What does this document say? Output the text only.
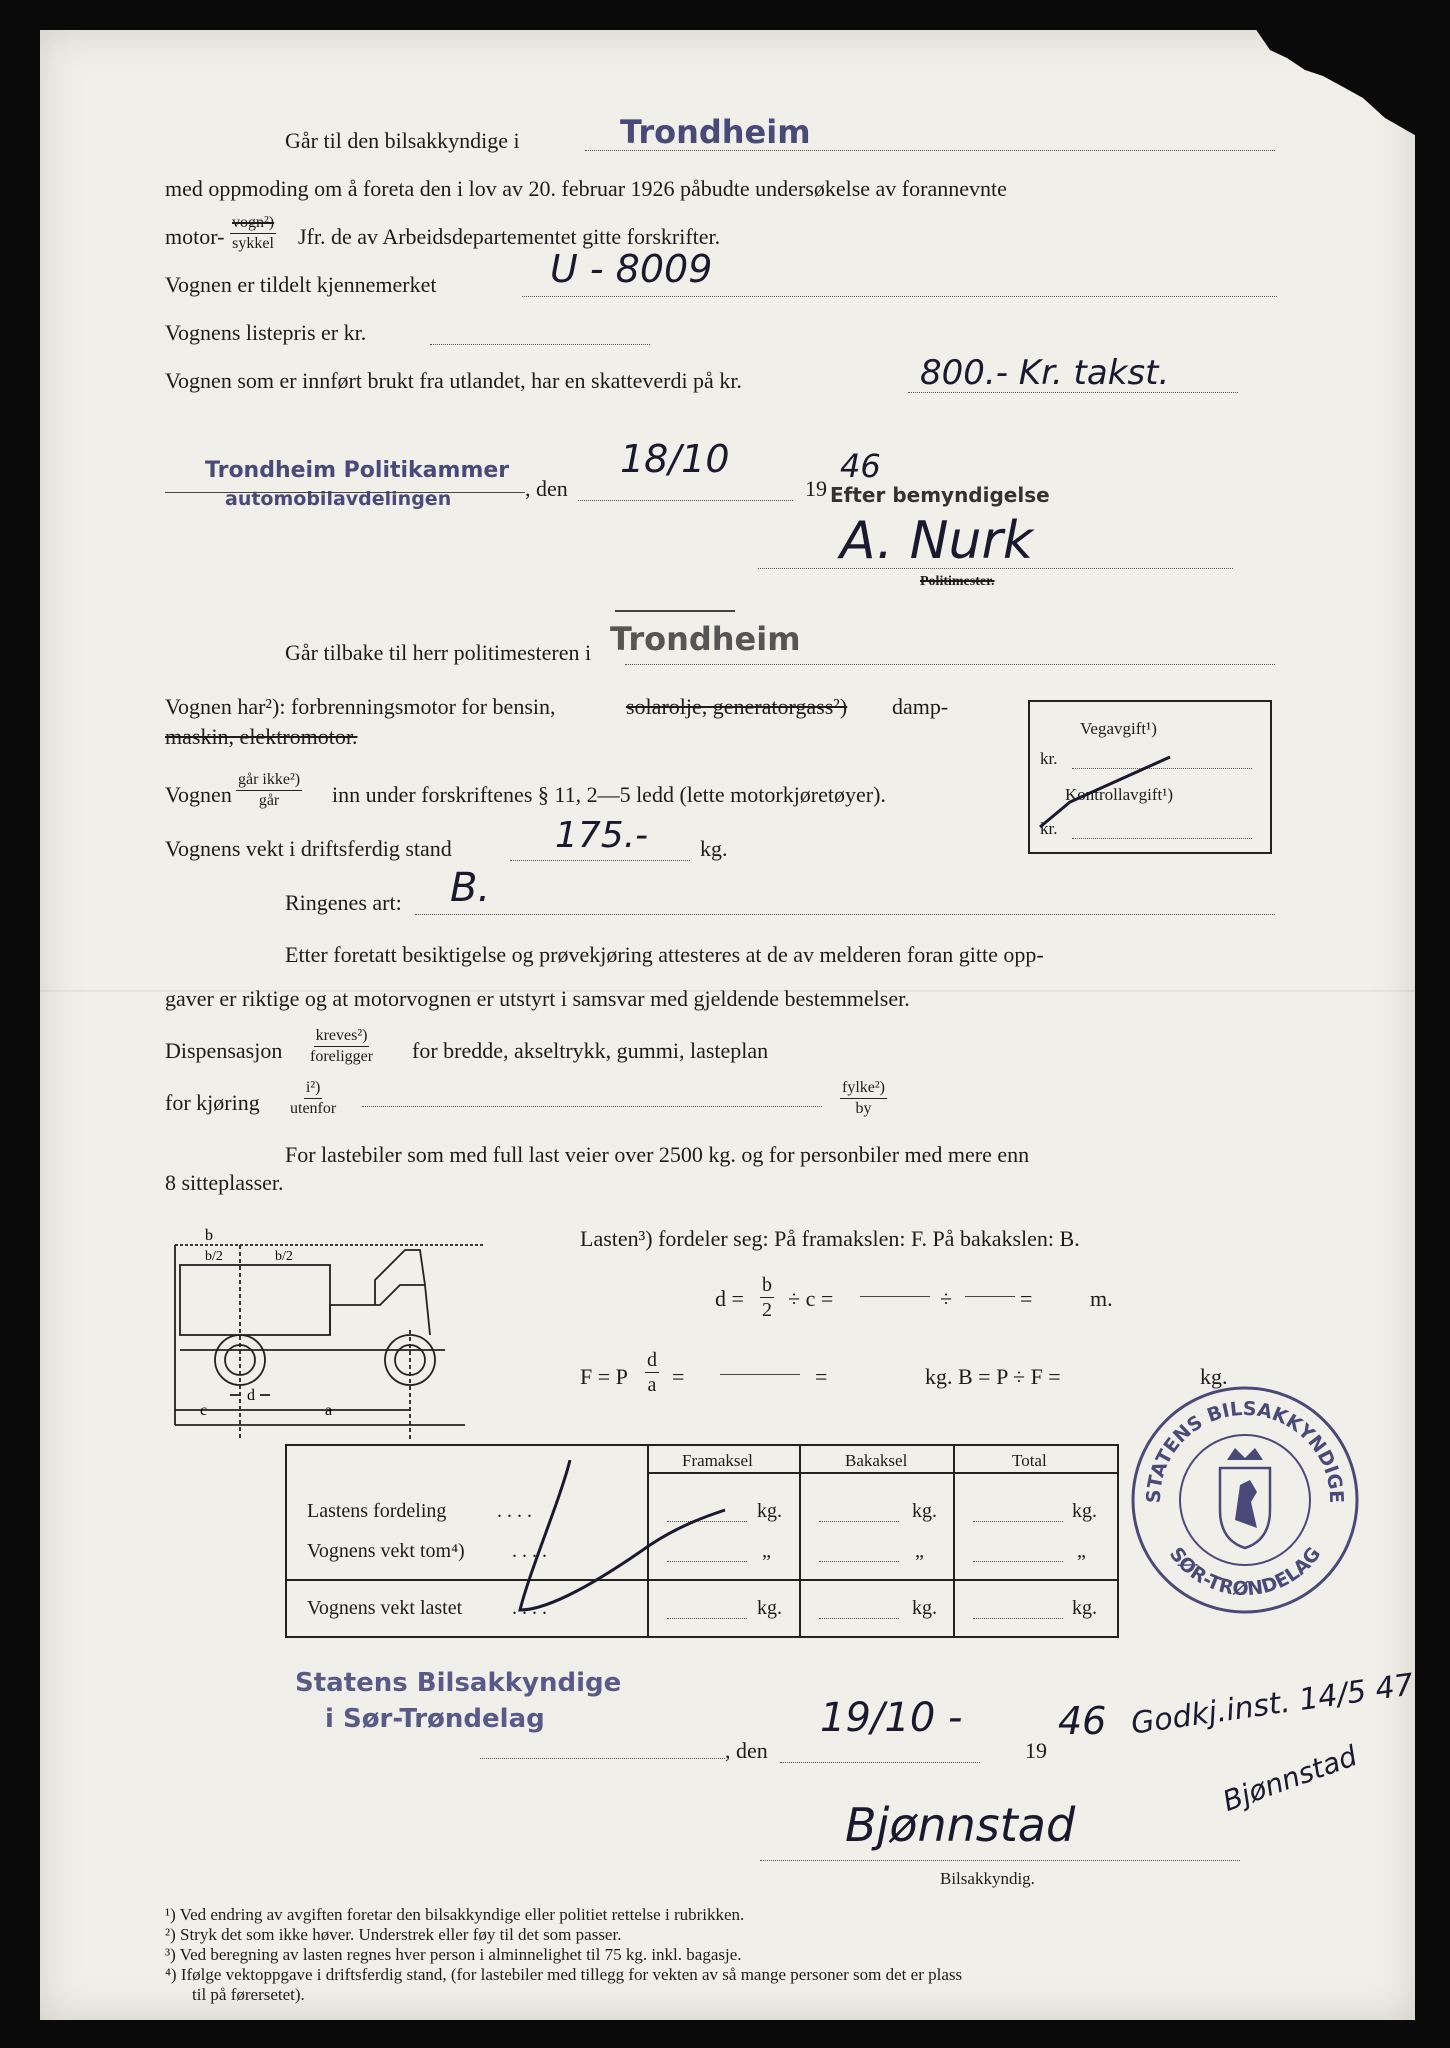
Går til den bilsakkyndige i	Trondheim
med oppmoding om å foreta den i lov av 20. februar 1926 påbudte undersøkelse av forannevnte
motor-
vogn²)
sykkel Jfr. de av Arbeidsdepartementet gitte forskrifter.
Vognen er tildelt kjennemerket	U - 8009
Vognens listepris er kr.
Vognen som er innført brukt fra utlandet, har en skatteverdi på kr.	800.- Kr. takst.
Trondheim Politikammer
automobilavdelingen	, den
18/10
19
46
Efter bemyndigelse
A. Nurk
Politimester.
Går tilbake til herr politimesteren i Trondheim
Vognen har²): forbrenningsmotor for bensin,	solarolje, generatorgass²) damp-
maskin, elektromotor.
Vognen
går ikke²)
går inn under forskriftenes § 11, 2—5 ledd (lette motorkjøretøyer).
Vognens vekt i driftsferdig stand	175.- kg.
Ringenes art: B.
Etter foretatt besiktigelse og prøvekjøring attesteres at de av melderen foran gitte opp-
gaver er riktige og at motorvognen er utstyrt i samsvar med gjeldende bestemmelser.
Dispensasjon
kreves²)
foreligger for bredde, akseltrykk, gummi, lasteplan
for kjøring
i²)
utenfor
fylke²)
by
For lastebiler som med full last veier over 2500 kg. og for personbiler med mere enn
8 sitteplasser.
Vegavgift¹)
kr.
Kontrollavgift¹)
kr.
b
b/2	b/2
d
c	a
Lasten³) fordeler seg: På framakslen: F. På bakakslen: B.
$d = \frac{b}{2} \div c$ =	÷	=	m.
F = P $\frac{d}{a}$ =	=	kg. B = P ÷ F =	kg.
Framaksel	Bakaksel	Total
Lastens fordeling	. . . .	kg.	kg.	kg.
Vognens vekt tom⁴) . . . .	„	„	„
Vognens vekt lastet . . . .	kg.	kg.	kg.
STATENS BILSAKKYNDIGE
SØR-TRØNDELAG
Statens Bilsakkyndige
i Sør-Trøndelag
, den
19/10 -
19
46
Bjønnstad
Bilsakkyndig.
Godkj.inst. 14/5 47
Bjønnstad
¹) Ved endring av avgiften foretar den bilsakkyndige eller politiet rettelse i rubrikken.
²) Stryk det som ikke høver. Understrek eller føy til det som passer.
³) Ved beregning av lasten regnes hver person i alminnelighet til 75 kg. inkl. bagasje.
⁴) Ifølge vektoppgave i driftsferdig stand, (for lastebiler med tillegg for vekten av så mange personer som det er plass
til på førersetet).
